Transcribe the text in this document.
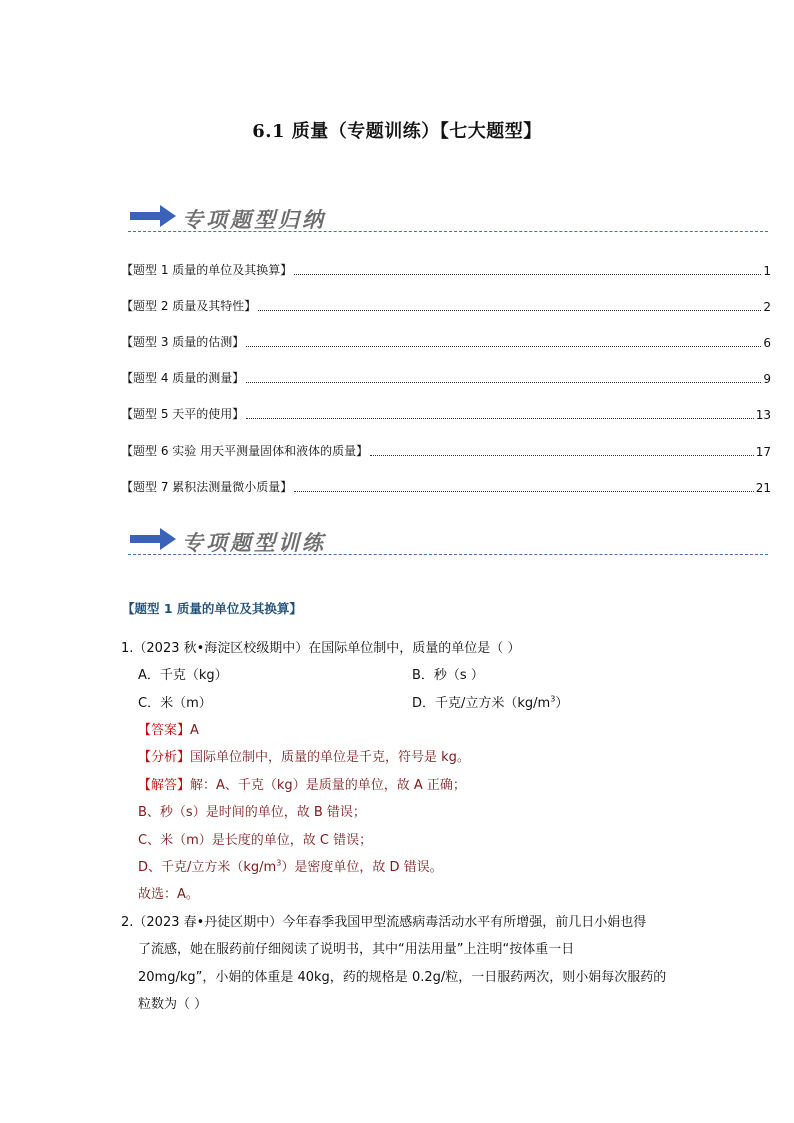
6.1 质量（专题训练）【七大题型】
专项题型归纳
【题型 1 质量的单位及其换算】	1
【题型 2 质量及其特性】	2
【题型 3 质量的估测】	6
【题型 4 质量的测量】	9
【题型 5 天平的使用】	13
【题型 6 实验 用天平测量固体和液体的质量】	17
【题型 7 累积法测量微小质量】	21
专项题型训练
【题型 1 质量的单位及其换算】
1.（2023 秋•海淀区校级期中）在国际单位制中，质量的单位是（ ）
A．千克（kg）	B．秒（s ）
C．米（m）	D．千克/立方米$(kg/m^3)$
【答案】A
【分析】国际单位制中，质量的单位是千克，符号是 kg。
【解答】解：A、千克（kg）是质量的单位，故 A 正确；
B、秒（s）是时间的单位，故 B 错误；
C、米（m）是长度的单位，故 C 错误；
D、千克/立方米$(kg/m^3)$是密度单位，故 D 错误。
故选：A。
2.（2023 春•丹徒区期中）今年春季我国甲型流感病毒活动水平有所增强，前几日小娟也得
了流感，她在服药前仔细阅读了说明书，其中“用法用量”上注明“按体重一日
20mg/kg”，小娟的体重是 40kg，药的规格是 0.2g/粒，一日服药两次，则小娟每次服药的
粒数为（ ）
